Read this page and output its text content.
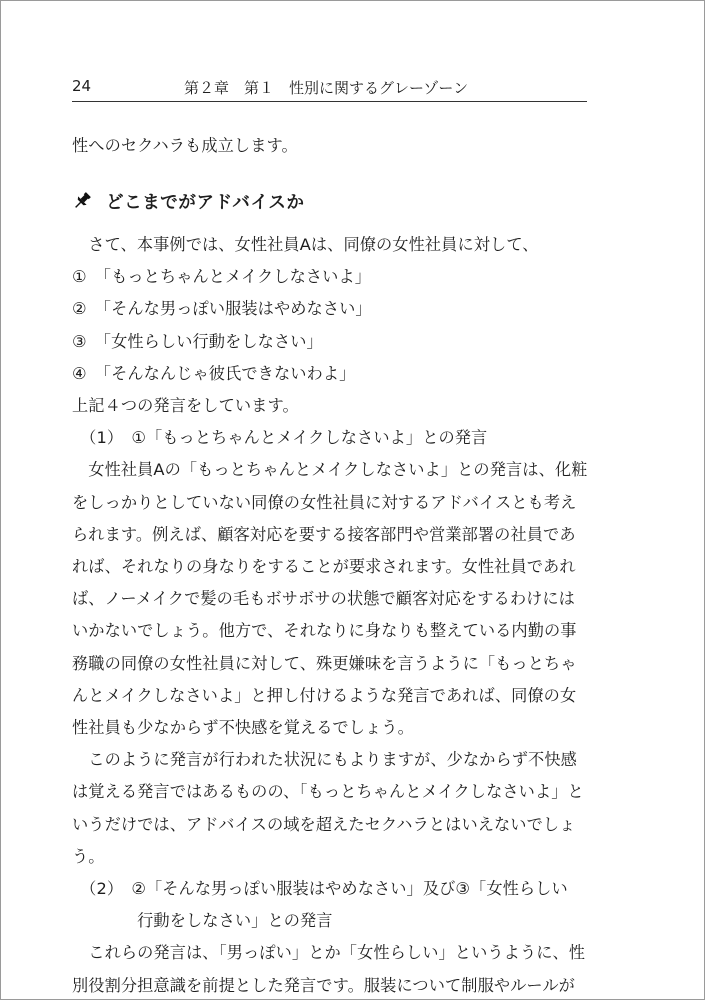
24	第２章　第１　性別に関するグレーゾーン
性へのセクハラも成立します。
どこまでがアドバイスか
　さて、本事例では、女性社員Aは、同僚の女性社員に対して、
①　「もっとちゃんとメイクしなさいよ」
②　「そんな男っぽい服装はやめなさい」
③　「女性らしい行動をしなさい」
④　「そんなんじゃ彼氏できないわよ」
上記４つの発言をしています。
　（1）　①「もっとちゃんとメイクしなさいよ」との発言
　女性社員Aの「もっとちゃんとメイクしなさいよ」との発言は、化粧
をしっかりとしていない同僚の女性社員に対するアドバイスとも考え
られます。例えば、顧客対応を要する接客部門や営業部署の社員であ
れば、それなりの身なりをすることが要求されます。女性社員であれ
ば、ノーメイクで髪の毛もボサボサの状態で顧客対応をするわけには
いかないでしょう。他方で、それなりに身なりも整えている内勤の事
務職の同僚の女性社員に対して、殊更嫌味を言うように「もっとちゃ
んとメイクしなさいよ」と押し付けるような発言であれば、同僚の女
性社員も少なからず不快感を覚えるでしょう。
　このように発言が行われた状況にもよりますが、少なからず不快感
は覚える発言ではあるものの、「もっとちゃんとメイクしなさいよ」と
いうだけでは、アドバイスの域を超えたセクハラとはいえないでしょ
う。
　（2）　②「そんな男っぽい服装はやめなさい」及び③「女性らしい
　　　　行動をしなさい」との発言
　これらの発言は、「男っぽい」とか「女性らしい」というように、性
別役割分担意識を前提とした発言です。服装について制服やルールが
